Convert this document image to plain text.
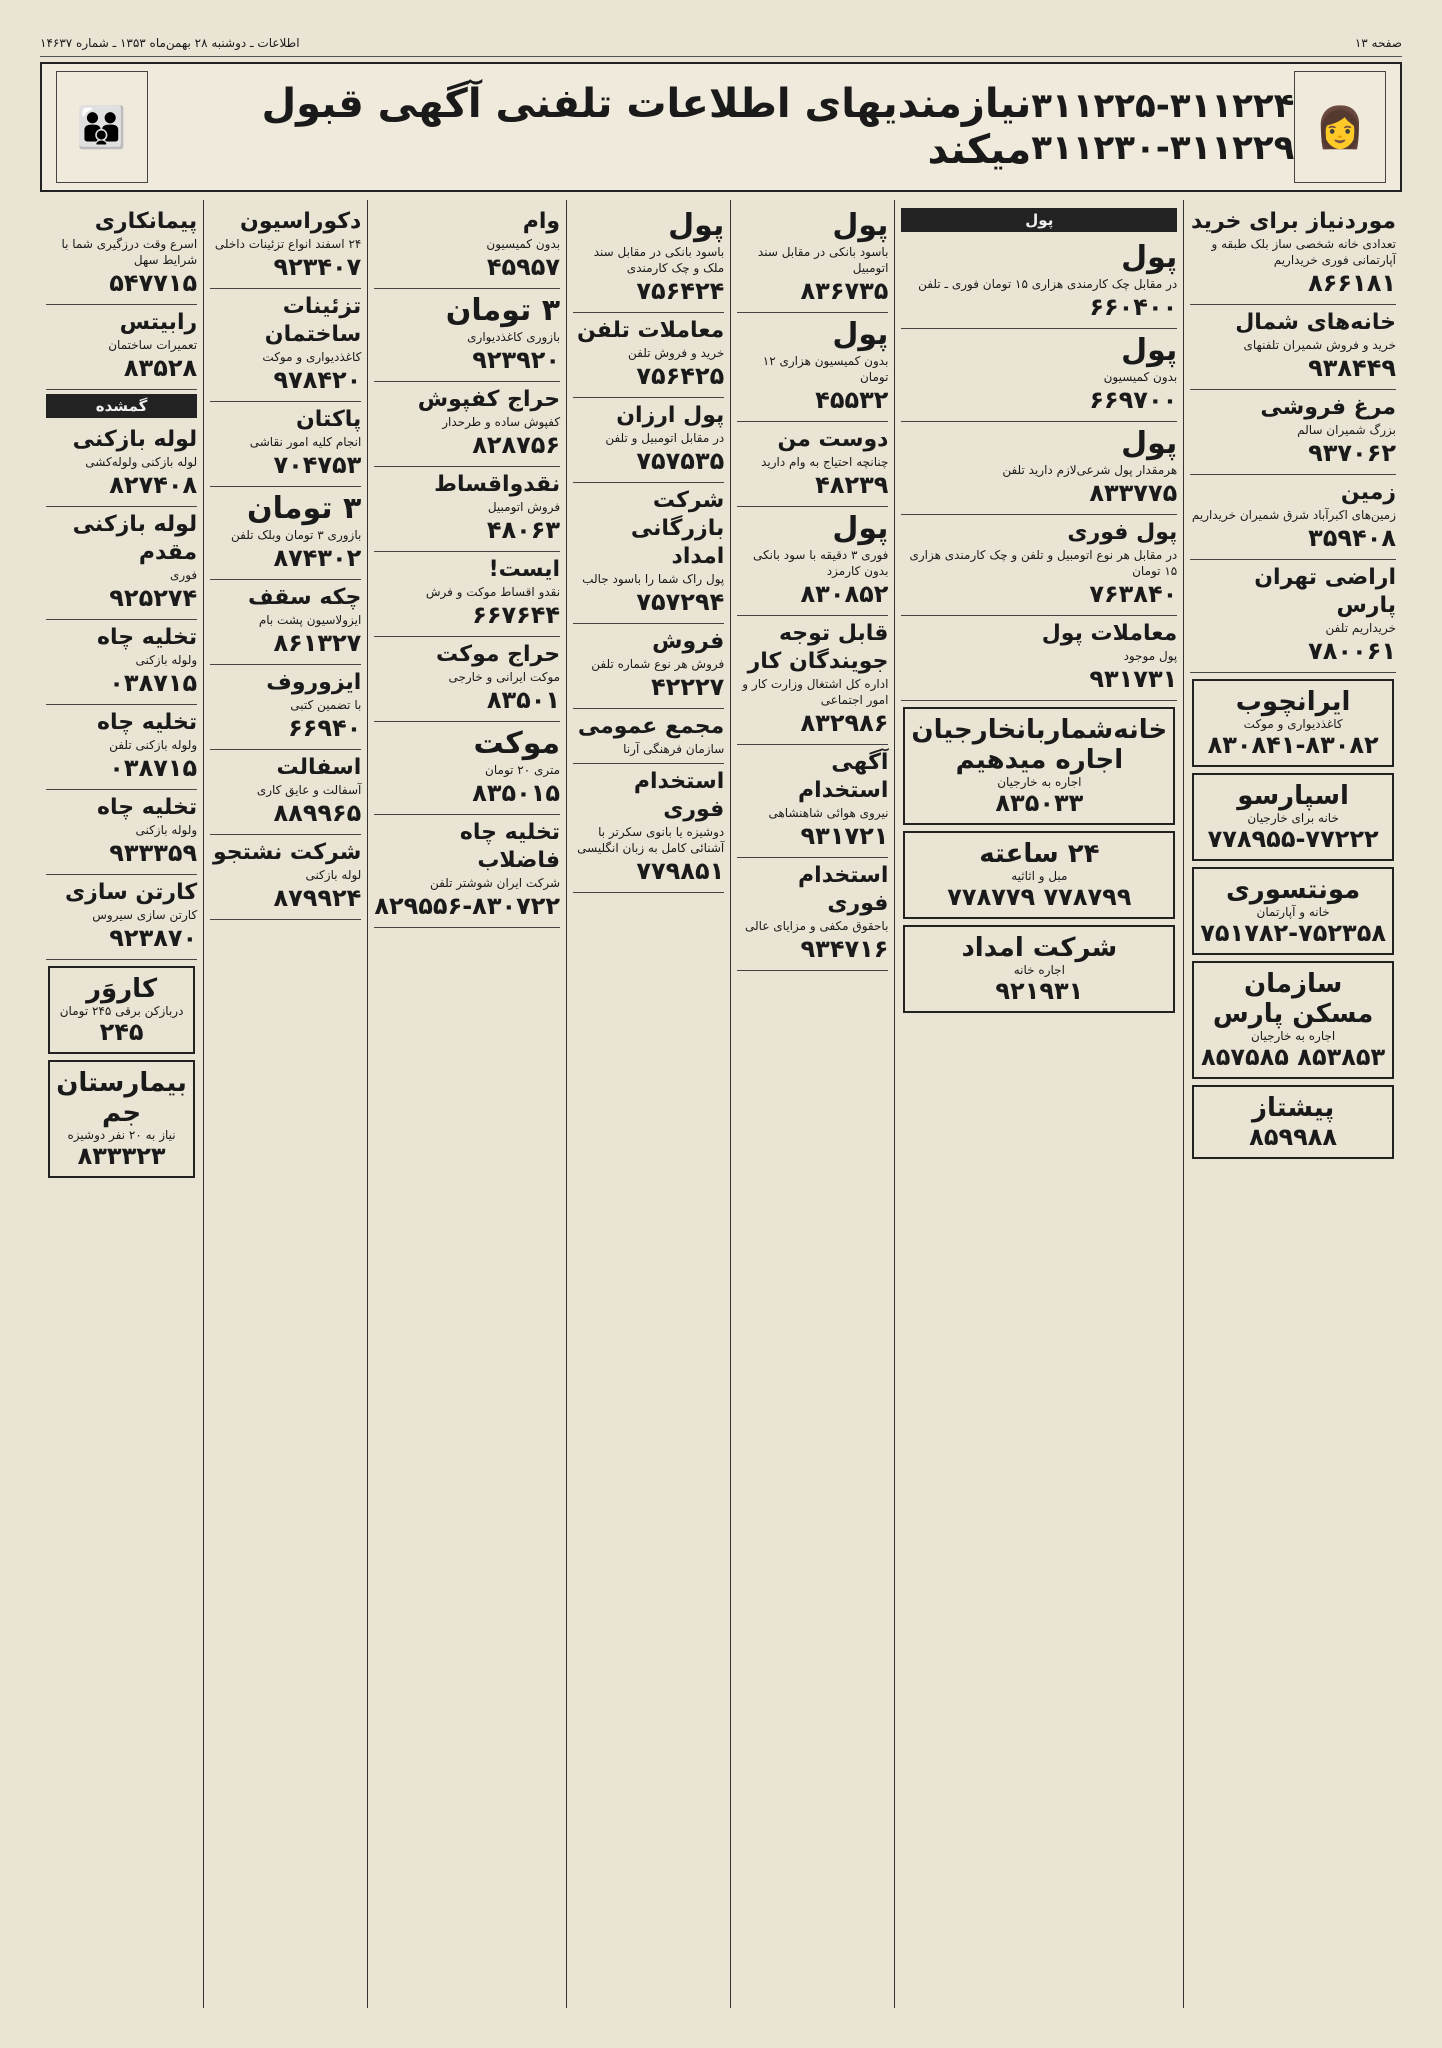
صفحه ۱۳
اطلاعات ـ دوشنبه ۲۸ بهمن‌ماه ۱۳۵۳ ـ شماره ۱۴۶۳۷
👪
نیازمندیهای اطلاعات تلفنی آگهی قبول میکند
۳۱۱۲۲۵-۳۱۱۲۲۴
۳۱۱۲۳۰-۳۱۱۲۲۹ 👩
موردنیاز برای خرید
تعدادی خانه شخصی ساز بلک طبقه و آپارتمانی فوری خریداریم
۸۶۶۱۸۱
خانه‌های شمال
خرید و فروش شمیران تلفنهای
۹۳۸۴۴۹
مرغ فروشی
بزرگ شمیران سالم
۹۳۷۰۶۲
زمین
زمین‌های اکبرآباد شرق شمیران خریداریم
۳۵۹۴۰۸
اراضی تهران پارس
خریداریم تلفن
۷۸۰۰۶۱
ایرانچوب
کاغذدیواری و موکت
۸۳۰۸۴۱-۸۳۰۸۲
اسپارسو
خانه برای خارجیان
۷۷۸۹۵۵-۷۷۲۲۲
مونتسوری
خانه و آپارتمان
۷۵۱۷۸۲-۷۵۲۳۵۸
سازمان مسکن پارس
اجاره به خارجیان
۸۵۳۸۵۳ ۸۵۷۵۸۵
پیشتاز
۸۵۹۹۸۸
پول
پول
در مقابل چک کارمندی هزاری ۱۵ تومان فوری ـ تلفن
۶۶۰۴۰۰
پول
بدون کمیسیون
۶۶۹۷۰۰
پول
هرمقدار پول شرعی‌لازم دارید تلفن
۸۳۳۷۷۵
پول فوری
در مقابل هر نوع اتومبیل و تلفن و چک کارمندی هزاری ۱۵ تومان
۷۶۳۸۴۰
معاملات پول
پول موجود
۹۳۱۷۳۱
خانه‌شماربانخارجیان اجاره میدهیم
اجاره به خارجیان
۸۳۵۰۳۳
۲۴ ساعته
مبل و اثاثیه
۷۷۸۷۹۹ ۷۷۸۷۷۹
شرکت امداد
اجاره خانه
۹۲۱۹۳۱
پول
باسود بانکی در مقابل سند اتومبیل
۸۳۶۷۳۵
پول
بدون کمیسیون هزاری ۱۲ تومان
۴۵۵۳۲
دوست من
چنانچه احتیاج به وام دارید
۴۸۲۳۹
پول
فوری ۳ دقیقه با سود بانکی بدون کارمزد
۸۳۰۸۵۲
قابل توجه جویندگان کار
اداره کل اشتغال وزارت کار و امور اجتماعی
۸۳۲۹۸۶
آگهی استخدام
نیروی هوائی شاهنشاهی
۹۳۱۷۲۱
استخدام فوری
باحقوق مکفی و مزایای عالی
۹۳۴۷۱۶
پول
باسود بانکی در مقابل سند ملک و چک کارمندی
۷۵۶۴۲۴
معاملات تلفن
خرید و فروش تلفن
۷۵۶۴۲۵
پول ارزان
در مقابل اتومبیل و تلفن
۷۵۷۵۳۵
شرکت بازرگانی امداد
پول راک شما را باسود جالب
۷۵۷۲۹۴
فروش
فروش هر نوع شماره تلفن
۴۲۲۲۷
مجمع عمومی
سازمان فرهنگی آرنا
استخدام فوری
دوشیزه یا بانوی سکرتر با آشنائی کامل به زبان انگلیسی
۷۷۹۸۵۱
وام
بدون کمیسیون
۴۵۹۵۷
۳ تومان
بازوری کاغذدیواری
۹۲۳۹۲۰
حراج کفپوش
کفپوش ساده و طرحدار
۸۲۸۷۵۶
نقدواقساط
فروش اتومبیل
۴۸۰۶۳
ایست!
نقدو اقساط موکت و فرش
۶۶۷۶۴۴
حراج موکت
موکت ایرانی و خارجی
۸۳۵۰۱
موکت
متری ۲۰ تومان
۸۳۵۰۱۵
تخلیه چاه فاضلاب
شرکت ایران شوشتر تلفن
۸۲۹۵۵۶-۸۳۰۷۲۲
دکوراسیون
۲۴ اسفند انواع تزئینات داخلی
۹۲۳۴۰۷
تزئینات ساختمان
کاغذدیواری و موکت
۹۷۸۴۲۰
پاکتان
انجام کلیه امور نقاشی
۷۰۴۷۵۳
۳ تومان
بازوری ۳ تومان وبلک تلفن
۸۷۴۳۰۲
چکه سقف
ایزولاسیون پشت بام
۸۶۱۳۲۷
ایزوروف
با تضمین کتبی
۶۶۹۴۰
اسفالت
آسفالت و عایق کاری
۸۸۹۹۶۵
شرکت نشتجو
لوله بازکنی
۸۷۹۹۲۴
پیمانکاری
اسرع وقت درزگیری شما با شرایط سهل
۵۴۷۷۱۵
رابیتس
تعمیرات ساختمان
۸۳۵۲۸
گمشده
لوله بازکنی
لوله بازکنی ولوله‌کشی
۸۲۷۴۰۸
لوله بازکنی مقدم
فوری
۹۲۵۲۷۴
تخلیه چاه
ولوله بازکنی
۰۳۸۷۱۵
تخلیه چاه
ولوله بازکنی تلفن
۰۳۸۷۱۵
تخلیه چاه
ولوله بازکنی
۹۳۳۳۵۹
کارتن سازی
کارتن سازی سیروس
۹۲۳۸۷۰
کاروَر
دربازکن برقی ۲۴۵ تومان
۲۴۵
بیمارستان جم
نیاز به ۲۰ نفر دوشیزه
۸۳۳۳۲۳
